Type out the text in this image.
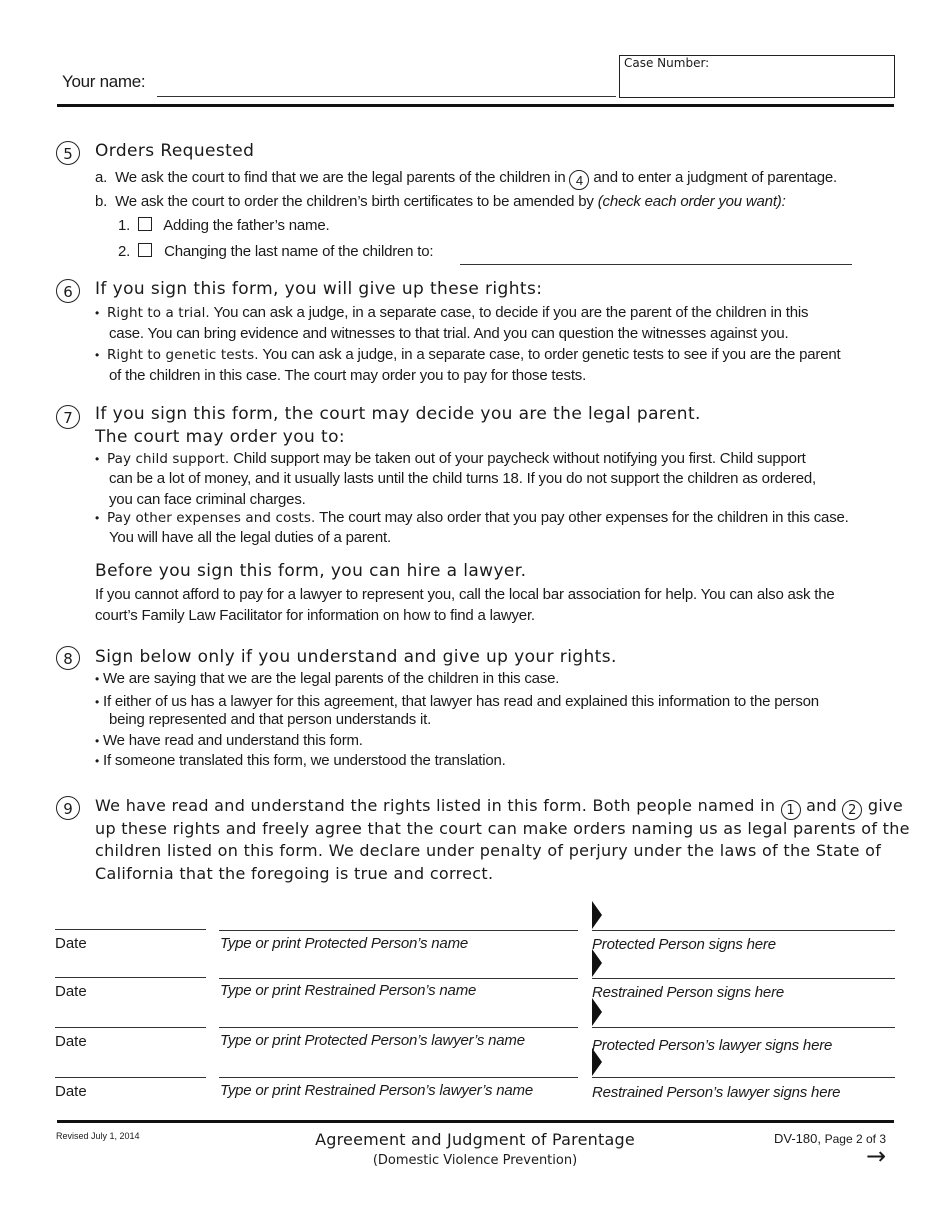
Your name:
Case Number:
5	Orders Requested
a. We ask the court to find that we are the legal parents of the children in 4 and to enter a judgment of parentage.
b. We ask the court to order the children’s birth certificates to be amended by (check each order you want):
1. Adding the father’s name.
2. Changing the last name of the children to:
6	If you sign this form, you will give up these rights:
• Right to a trial. You can ask a judge, in a separate case, to decide if you are the parent of the children in this
case. You can bring evidence and witnesses to that trial. And you can question the witnesses against you.
• Right to genetic tests. You can ask a judge, in a separate case, to order genetic tests to see if you are the parent
of the children in this case. The court may order you to pay for those tests.
7	If you sign this form, the court may decide you are the legal parent.
The court may order you to:
• Pay child support. Child support may be taken out of your paycheck without notifying you first. Child support
can be a lot of money, and it usually lasts until the child turns 18. If you do not support the children as ordered,
you can face criminal charges.
• Pay other expenses and costs. The court may also order that you pay other expenses for the children in this case.
You will have all the legal duties of a parent.
Before you sign this form, you can hire a lawyer.
If you cannot afford to pay for a lawyer to represent you, call the local bar association for help. You can also ask the
court’s Family Law Facilitator for information on how to find a lawyer.
8	Sign below only if you understand and give up your rights.
• We are saying that we are the legal parents of the children in this case.
• If either of us has a lawyer for this agreement, that lawyer has read and explained this information to the person
being represented and that person understands it.
• We have read and understand this form.
• If someone translated this form, we understood the translation.
9	We have read and understand the rights listed in this form. Both people named in 1 and 2 give
up these rights and freely agree that the court can make orders naming us as legal parents of the
children listed on this form. We declare under penalty of perjury under the laws of the State of
California that the foregoing is true and correct.
Date	Type or print Protected Person’s name	Protected Person signs here
Date	Type or print Restrained Person’s name	Restrained Person signs here
Date	Type or print Protected Person’s lawyer’s name	Protected Person’s lawyer signs here
Date	Type or print Restrained Person’s lawyer’s name	Restrained Person’s lawyer signs here
Revised July 1, 2014	Agreement and Judgment of Parentage
(Domestic Violence Prevention)
DV-180, Page 2 of 3
→
